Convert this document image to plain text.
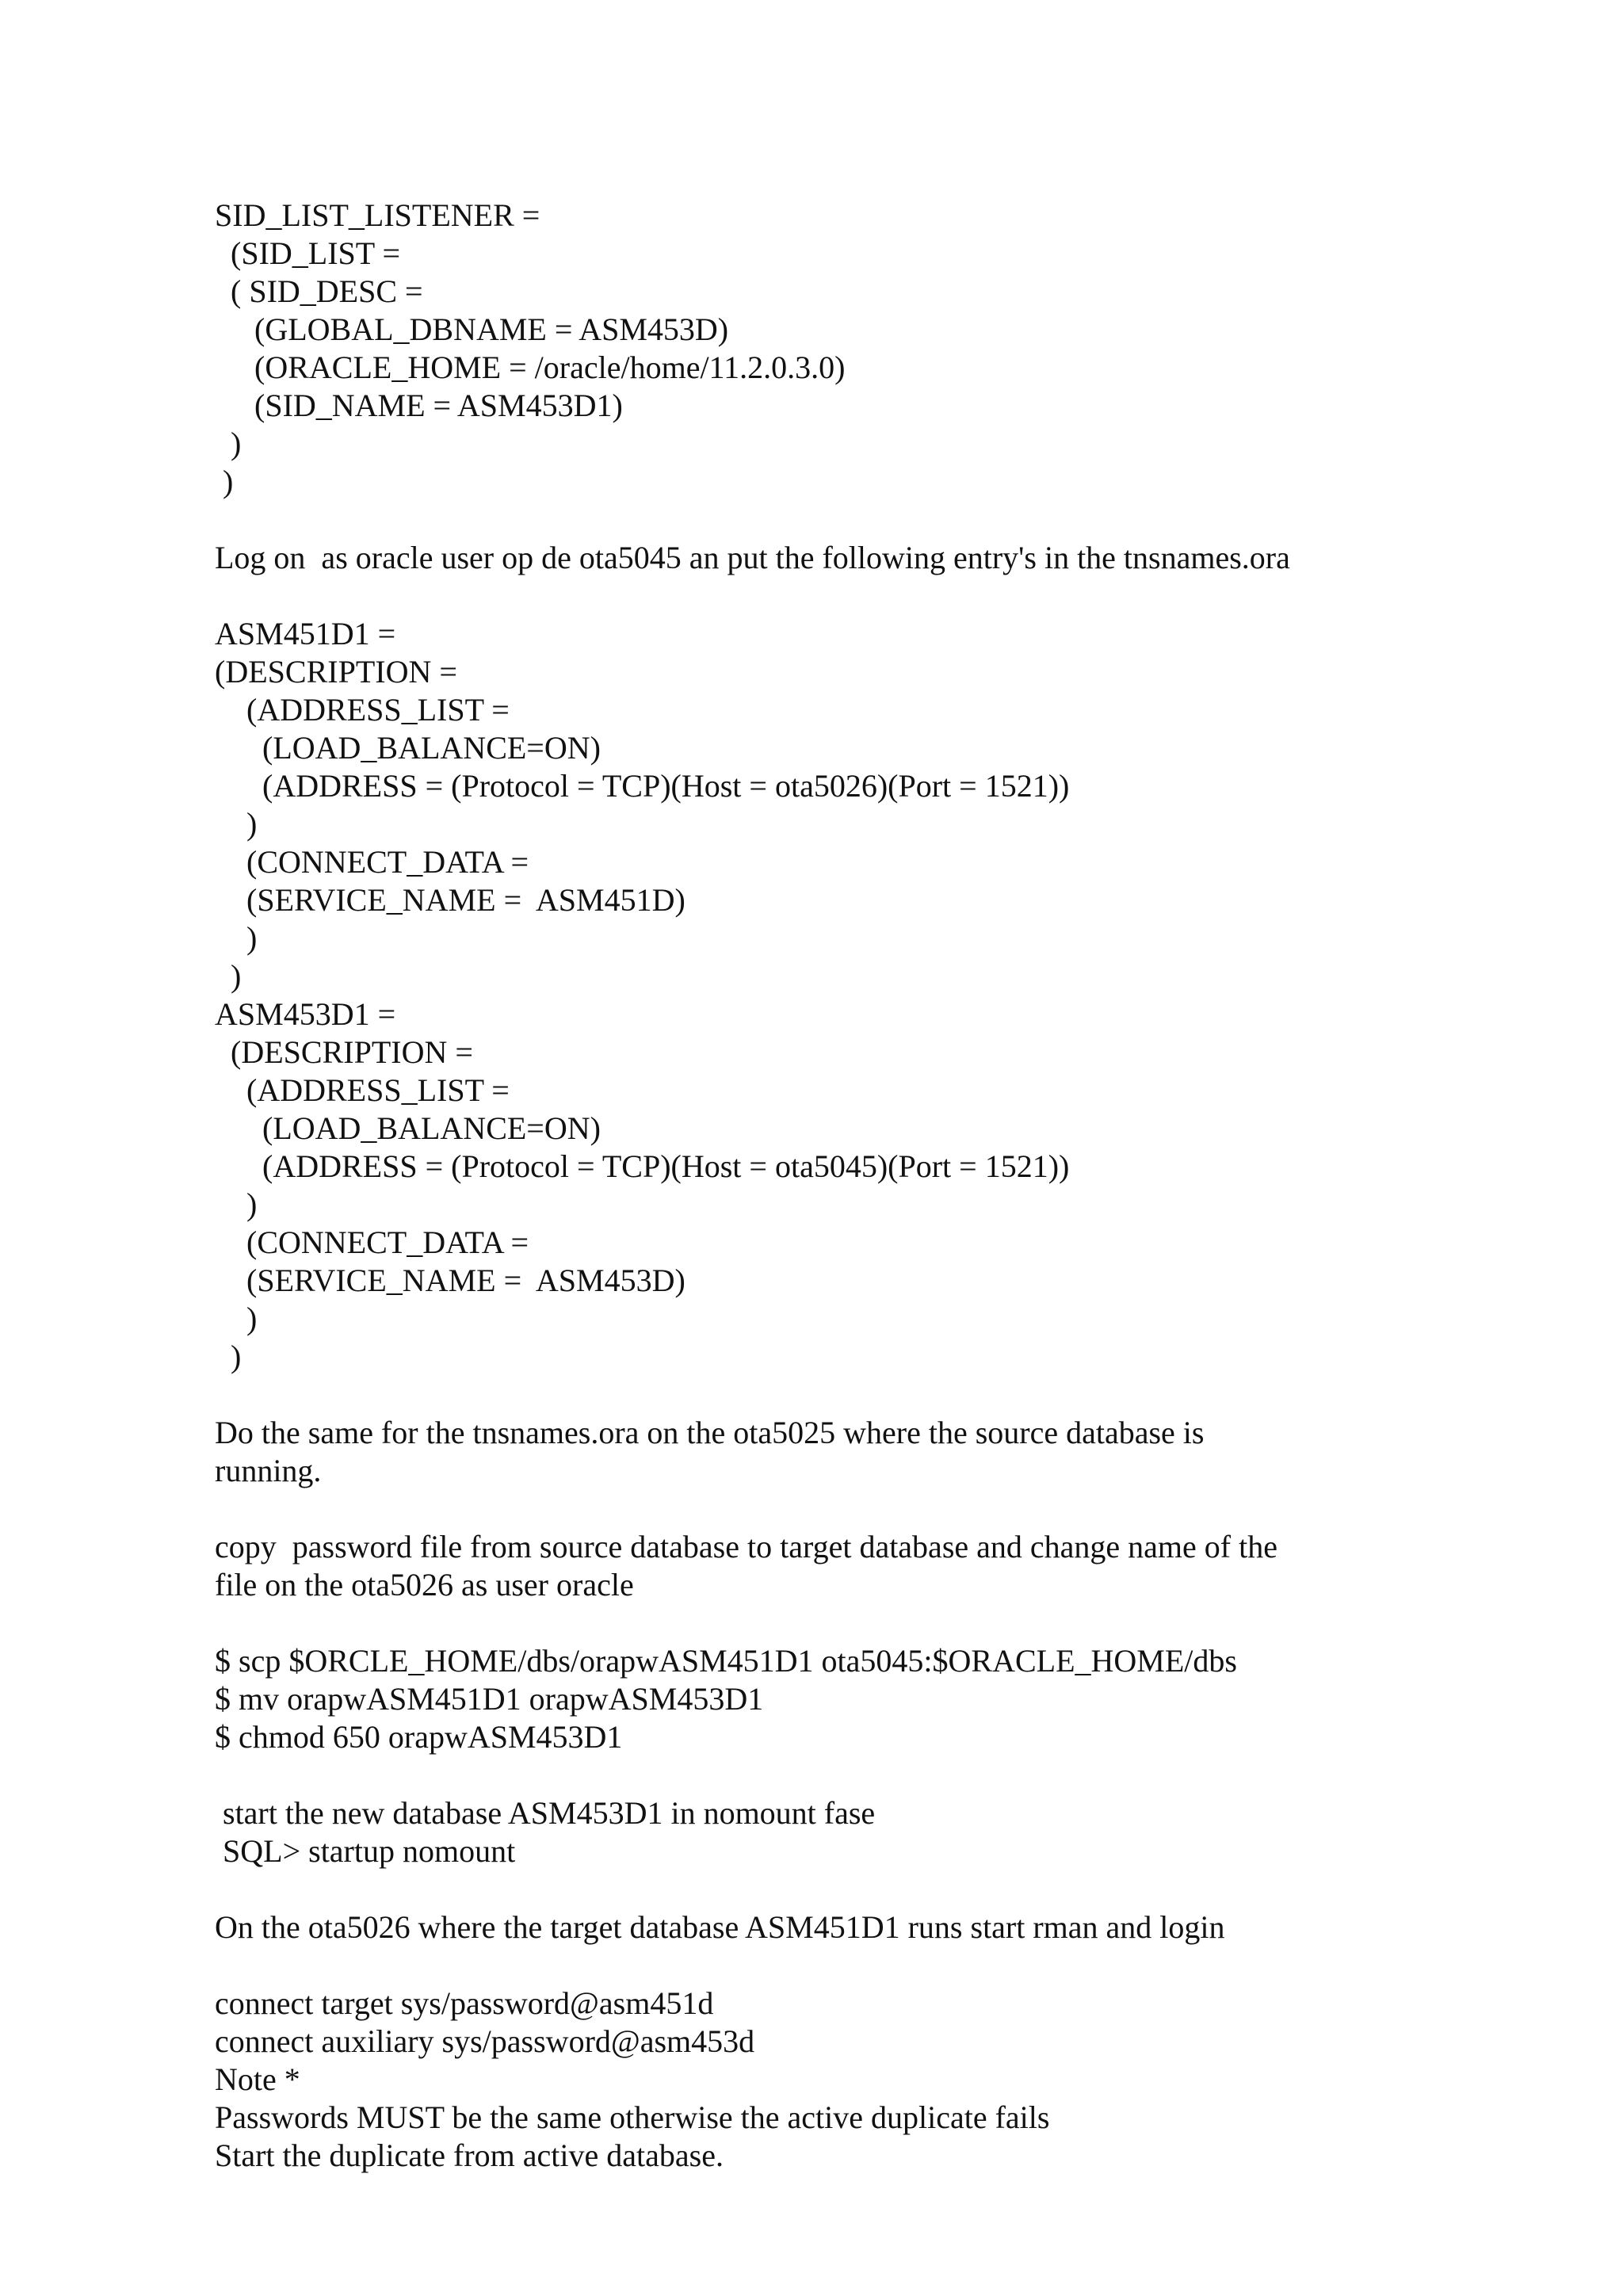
SID_LIST_LISTENER =
(SID_LIST =
( SID_DESC =
(GLOBAL_DBNAME = ASM453D)
(ORACLE_HOME = /oracle/home/11.2.0.3.0)
(SID_NAME = ASM453D1)
)
)
Log on  as oracle user op de ota5045 an put the following entry's in the tnsnames.ora
ASM451D1 =
(DESCRIPTION =
(ADDRESS_LIST =
(LOAD_BALANCE=ON)
(ADDRESS = (Protocol = TCP)(Host = ota5026)(Port = 1521))
)
(CONNECT_DATA =
(SERVICE_NAME =  ASM451D)
)
)
ASM453D1 =
(DESCRIPTION =
(ADDRESS_LIST =
(LOAD_BALANCE=ON)
(ADDRESS = (Protocol = TCP)(Host = ota5045)(Port = 1521))
)
(CONNECT_DATA =
(SERVICE_NAME =  ASM453D)
)
)
Do the same for the tnsnames.ora on the ota5025 where the source database is
running.
copy  password file from source database to target database and change name of the
file on the ota5026 as user oracle
$ scp $ORCLE_HOME/dbs/orapwASM451D1 ota5045:$ORACLE_HOME/dbs
$ mv orapwASM451D1 orapwASM453D1
$ chmod 650 orapwASM453D1
start the new database ASM453D1 in nomount fase
SQL> startup nomount
On the ota5026 where the target database ASM451D1 runs start rman and login
connect target sys/password@asm451d
connect auxiliary sys/password@asm453d
Note *
Passwords MUST be the same otherwise the active duplicate fails
Start the duplicate from active database.
